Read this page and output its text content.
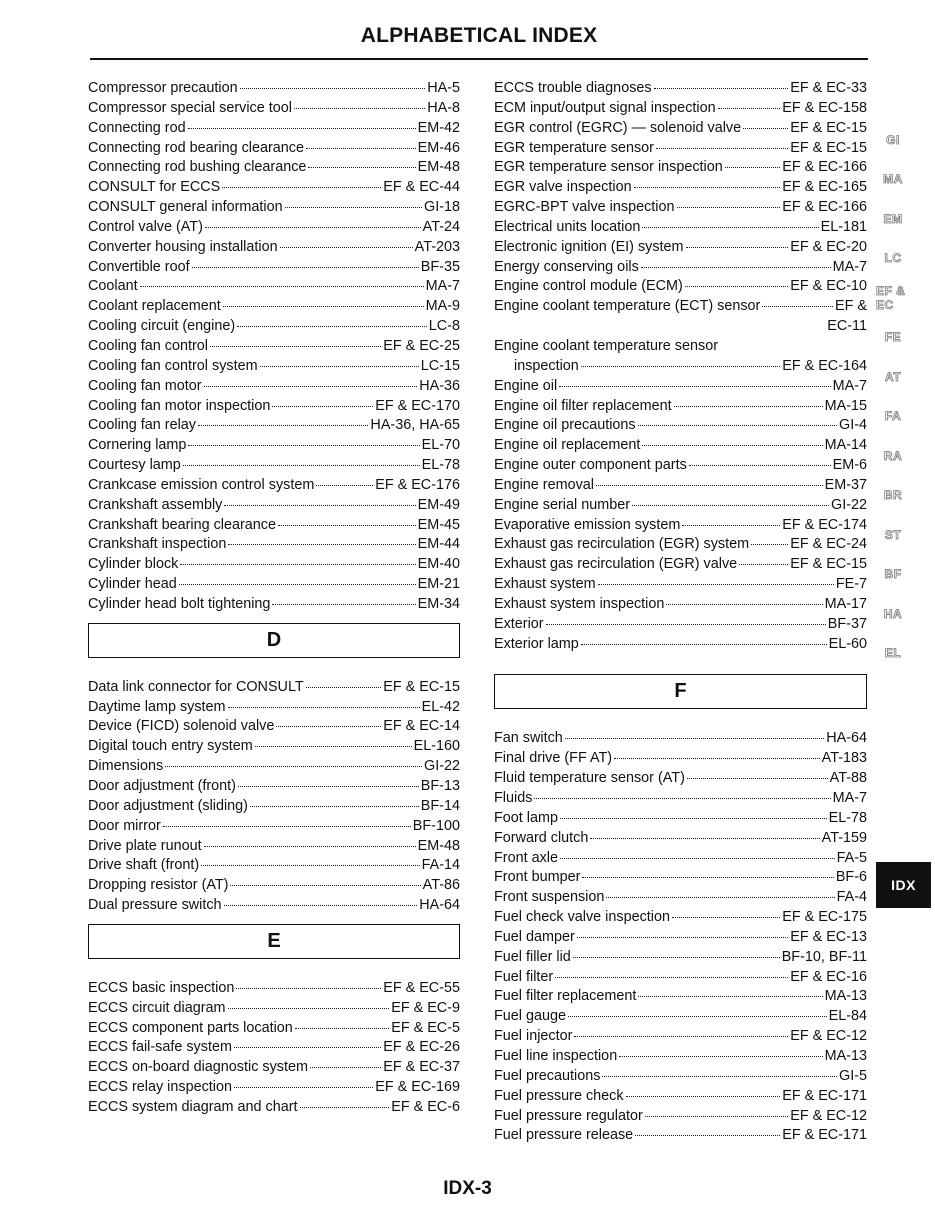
ALPHABETICAL INDEX
Compressor precaution	HA-5
Compressor special service tool	HA-8
Connecting rod	EM-42
Connecting rod bearing clearance	EM-46
Connecting rod bushing clearance	EM-48
CONSULT for ECCS	EF & EC-44
CONSULT general information	GI-18
Control valve (AT)	AT-24
Converter housing installation	AT-203
Convertible roof	BF-35
Coolant	MA-7
Coolant replacement	MA-9
Cooling circuit (engine)	LC-8
Cooling fan control	EF & EC-25
Cooling fan control system	LC-15
Cooling fan motor	HA-36
Cooling fan motor inspection	EF & EC-170
Cooling fan relay	HA-36, HA-65
Cornering lamp	EL-70
Courtesy lamp	EL-78
Crankcase emission control system	EF & EC-176
Crankshaft assembly	EM-49
Crankshaft bearing clearance	EM-45
Crankshaft inspection	EM-44
Cylinder block	EM-40
Cylinder head	EM-21
Cylinder head bolt tightening	EM-34
D
Data link connector for CONSULT	EF & EC-15
Daytime lamp system	EL-42
Device (FICD) solenoid valve	EF & EC-14
Digital touch entry system	EL-160
Dimensions	GI-22
Door adjustment (front)	BF-13
Door adjustment (sliding)	BF-14
Door mirror	BF-100
Drive plate runout	EM-48
Drive shaft (front)	FA-14
Dropping resistor (AT)	AT-86
Dual pressure switch	HA-64
E
ECCS basic inspection	EF & EC-55
ECCS circuit diagram	EF & EC-9
ECCS component parts location	EF & EC-5
ECCS fail-safe system	EF & EC-26
ECCS on-board diagnostic system	EF & EC-37
ECCS relay inspection	EF & EC-169
ECCS system diagram and chart	EF & EC-6
ECCS trouble diagnoses	EF & EC-33
ECM input/output signal inspection	EF & EC-158
EGR control (EGRC) — solenoid valve	EF & EC-15
EGR temperature sensor	EF & EC-15
EGR temperature sensor inspection	EF & EC-166
EGR valve inspection	EF & EC-165
EGRC-BPT valve inspection	EF & EC-166
Electrical units location	EL-181
Electronic ignition (EI) system	EF & EC-20
Energy conserving oils	MA-7
Engine control module (ECM)	EF & EC-10
Engine coolant temperature (ECT) sensor	EF &
EC-11
Engine coolant temperature sensor
inspection	EF & EC-164
Engine oil	MA-7
Engine oil filter replacement	MA-15
Engine oil precautions	GI-4
Engine oil replacement	MA-14
Engine outer component parts	EM-6
Engine removal	EM-37
Engine serial number	GI-22
Evaporative emission system	EF & EC-174
Exhaust gas recirculation (EGR) system	EF & EC-24
Exhaust gas recirculation (EGR) valve	EF & EC-15
Exhaust system	FE-7
Exhaust system inspection	MA-17
Exterior	BF-37
Exterior lamp	EL-60
F
Fan switch	HA-64
Final drive (FF AT)	AT-183
Fluid temperature sensor (AT)	AT-88
Fluids	MA-7
Foot lamp	EL-78
Forward clutch	AT-159
Front axle	FA-5
Front bumper	BF-6
Front suspension	FA-4
Fuel check valve inspection	EF & EC-175
Fuel damper	EF & EC-13
Fuel filler lid	BF-10, BF-11
Fuel filter	EF & EC-16
Fuel filter replacement	MA-13
Fuel gauge	EL-84
Fuel injector	EF & EC-12
Fuel line inspection	MA-13
Fuel precautions	GI-5
Fuel pressure check	EF & EC-171
Fuel pressure regulator	EF & EC-12
Fuel pressure release	EF & EC-171
GI
MA
EM
LC
EF & EC
FE
AT
FA
RA
BR
ST
BF
HA
EL
IDX
IDX-3
